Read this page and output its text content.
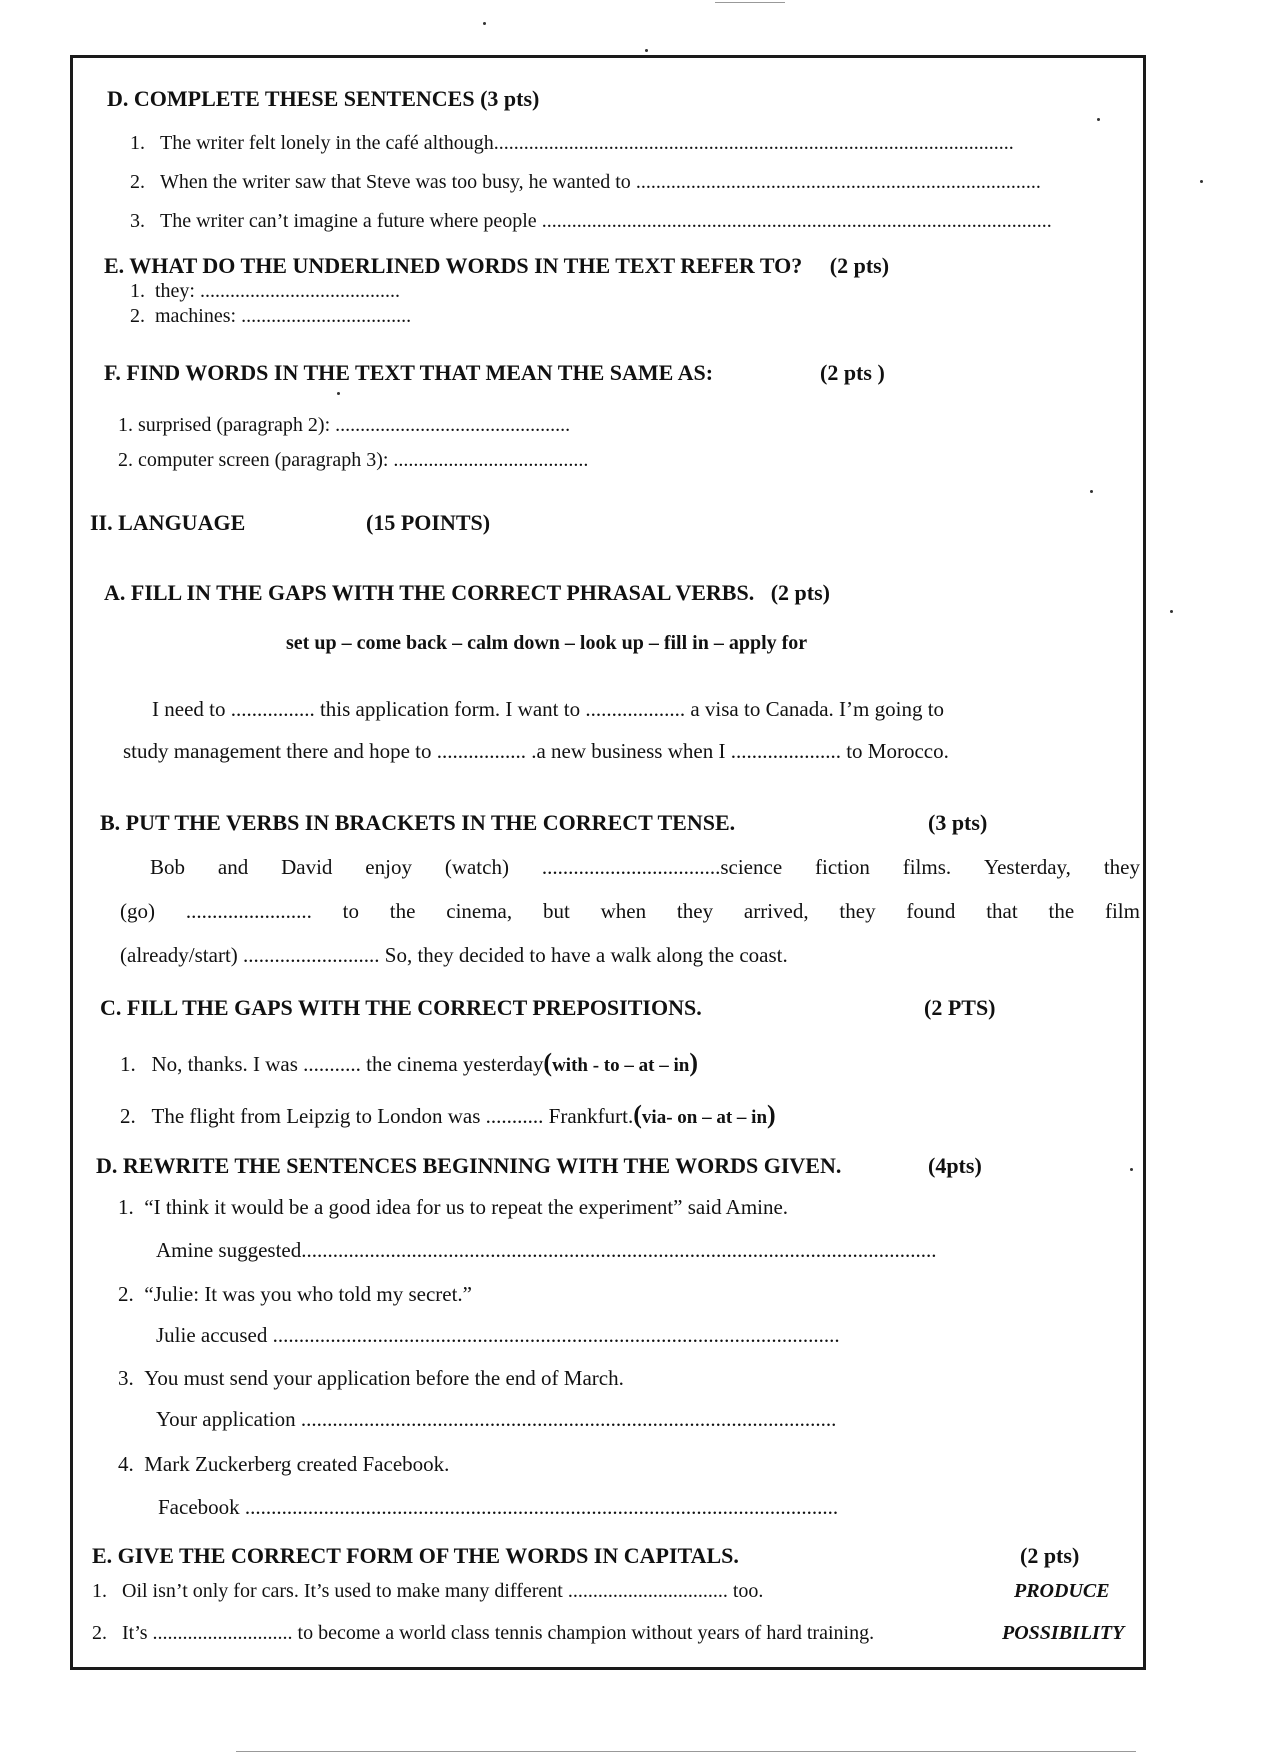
D. COMPLETE THESE SENTENCES (3 pts)
1. The writer felt lonely in the café although........................................................................................................
2. When the writer saw that Steve was too busy, he wanted to .................................................................................
3. The writer can’t imagine a future where people ......................................................................................................
E. WHAT DO THE UNDERLINED WORDS IN THE TEXT REFER TO? (2 pts)
1. they: ........................................
2. machines: ..................................
F. FIND WORDS IN THE TEXT THAT MEAN THE SAME AS:	(2 pts )
1. surprised (paragraph 2): ...............................................
2. computer screen (paragraph 3): .......................................
II. LANGUAGE	(15 POINTS)
A. FILL IN THE GAPS WITH THE CORRECT PHRASAL VERBS. (2 pts)
set up – come back – calm down – look up – fill in – apply for
I need to ................ this application form. I want to ................... a visa to Canada. I’m going to
study management there and hope to ................. .a new business when I ..................... to Morocco.
B. PUT THE VERBS IN BRACKETS IN THE CORRECT TENSE.	(3 pts)
Bob and David enjoy (watch) ..................................science fiction films. Yesterday, they
(go) ........................ to the cinema, but when they arrived, they found that the film
(already/start) .......................... So, they decided to have a walk along the coast.
C. FILL THE GAPS WITH THE CORRECT PREPOSITIONS.	(2 PTS)
1. No, thanks. I was ........... the cinema yesterday(with - to – at – in)
2. The flight from Leipzig to London was ........... Frankfurt.(via- on – at – in)
D. REWRITE THE SENTENCES BEGINNING WITH THE WORDS GIVEN.	(4pts)
1. “I think it would be a good idea for us to repeat the experiment” said Amine.
Amine suggested.........................................................................................................................
2. “Julie: It was you who told my secret.”
Julie accused ............................................................................................................
3. You must send your application before the end of March.
Your application ......................................................................................................
4. Mark Zuckerberg created Facebook.
Facebook .................................................................................................................
E. GIVE THE CORRECT FORM OF THE WORDS IN CAPITALS.	(2 pts)
1. Oil isn’t only for cars. It’s used to make many different ................................ too.	PRODUCE
2. It’s ............................ to become a world class tennis champion without years of hard training.	POSSIBILITY
